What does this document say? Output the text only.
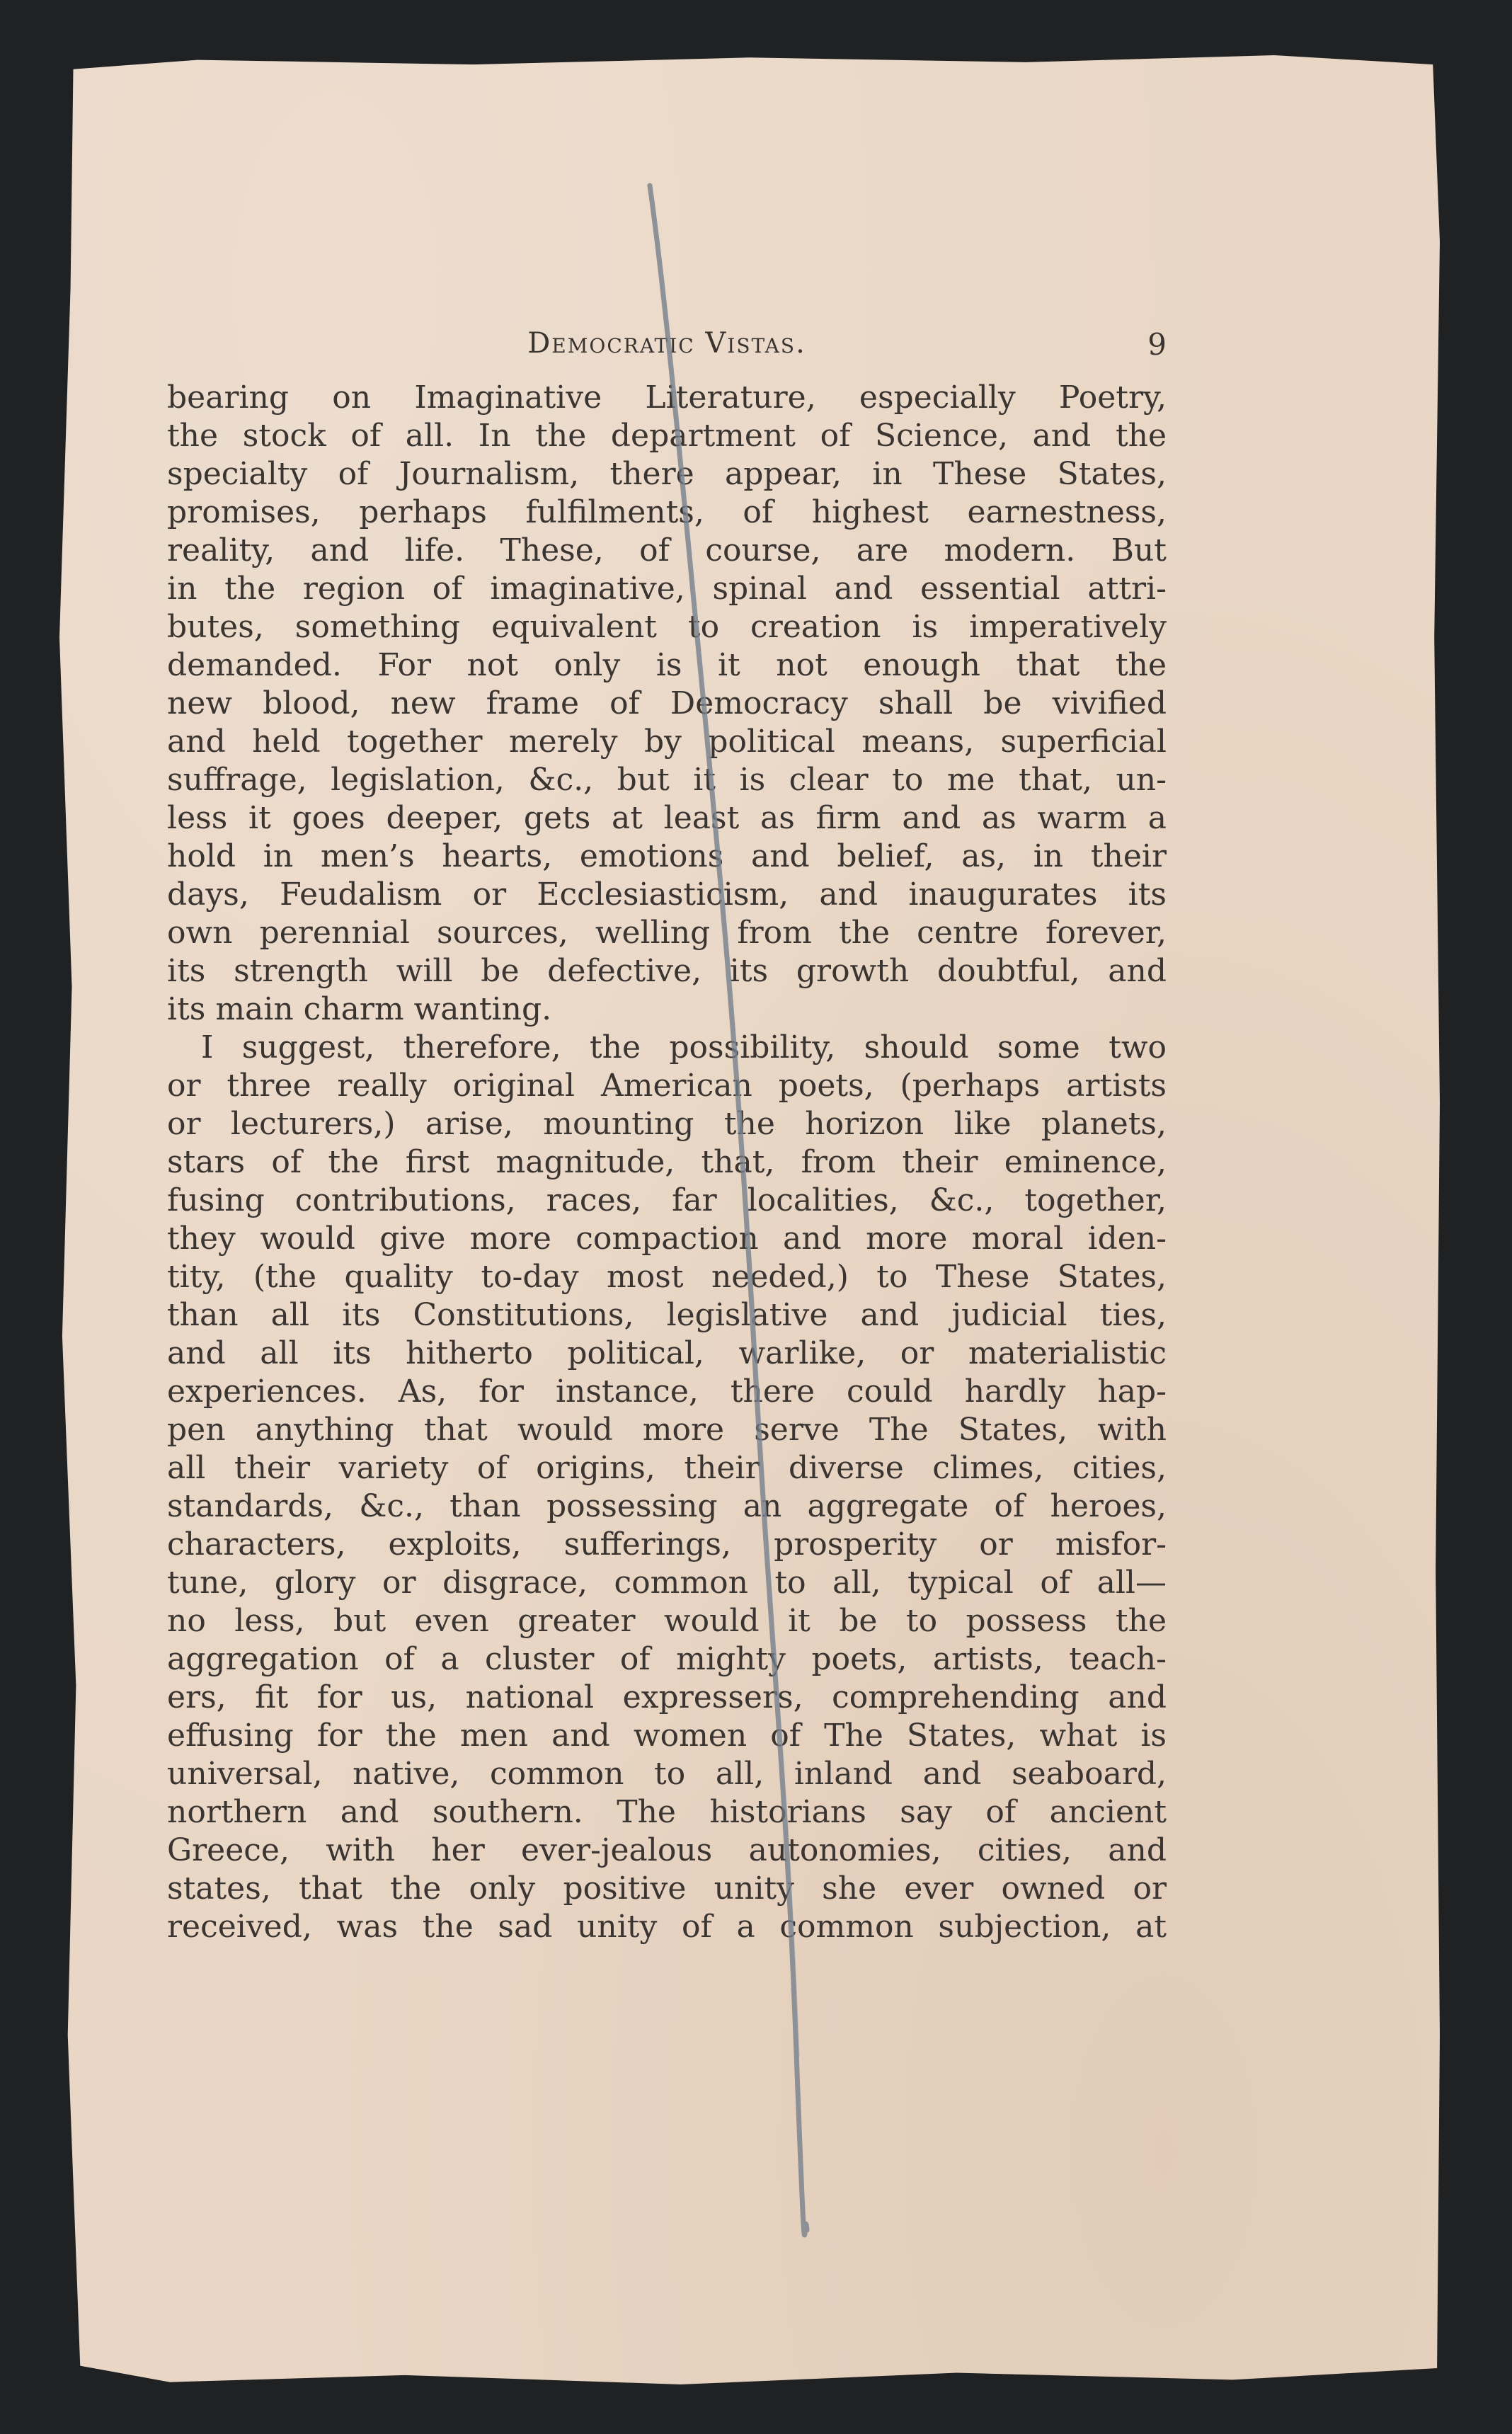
Democratic Vistas.	9

bearing on Imaginative Literature, especially Poetry,
the stock of all. In the department of Science, and the
specialty of Journalism, there appear, in These States,
promises, perhaps fulfilments, of highest earnestness,
reality, and life. These, of course, are modern. But
in the region of imaginative, spinal and essential attri-
butes, something equivalent to creation is imperatively
demanded. For not only is it not enough that the
new blood, new frame of Democracy shall be vivified
and held together merely by political means, superficial
suffrage, legislation, &c., but it is clear to me that, un-
less it goes deeper, gets at least as firm and as warm a
hold in men’s hearts, emotions and belief, as, in their
days, Feudalism or Ecclesiasticism, and inaugurates its
own perennial sources, welling from the centre forever,
its strength will be defective, its growth doubtful, and
its main charm wanting.

I suggest, therefore, the possibility, should some two
or three really original American poets, (perhaps artists
or lecturers,) arise, mounting the horizon like planets,
stars of the first magnitude, that, from their eminence,
fusing contributions, races, far localities, &c., together,
they would give more compaction and more moral iden-
tity, (the quality to-day most needed,) to These States,
than all its Constitutions, legislative and judicial ties,
and all its hitherto political, warlike, or materialistic
experiences. As, for instance, there could hardly hap-
pen anything that would more serve The States, with
all their variety of origins, their diverse climes, cities,
standards, &c., than possessing an aggregate of heroes,
characters, exploits, sufferings, prosperity or misfor-
tune, glory or disgrace, common to all, typical of all—
no less, but even greater would it be to possess the
aggregation of a cluster of mighty poets, artists, teach-
ers, fit for us, national expressers, comprehending and
effusing for the men and women of The States, what is
universal, native, common to all, inland and seaboard,
northern and southern. The historians say of ancient
Greece, with her ever-jealous autonomies, cities, and
states, that the only positive unity she ever owned or
received, was the sad unity of a common subjection, at
